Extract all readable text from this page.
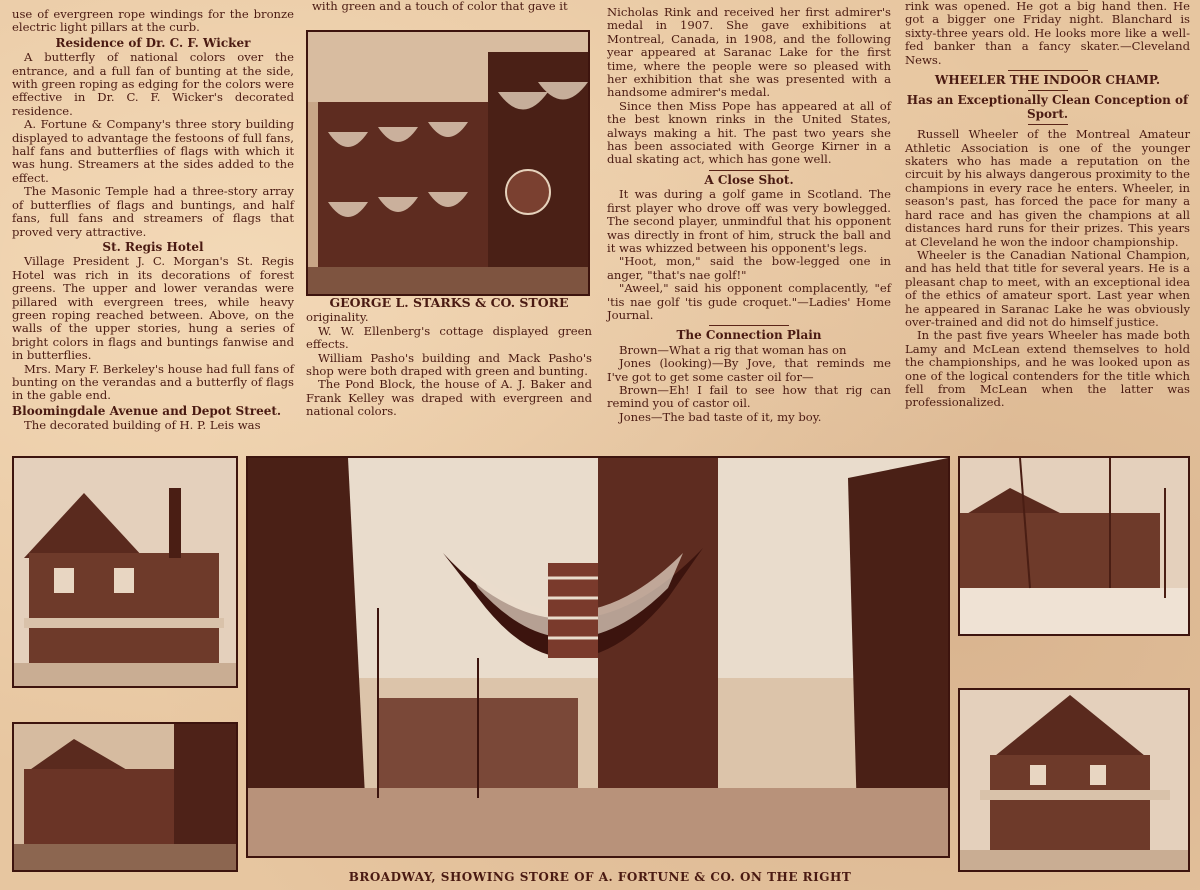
use of evergreen rope windings for the bronze electric light pillars at the curb.

Residence of Dr. C. F. Wicker

A butterfly of national colors over the entrance, and a full fan of bunting at the side, with green roping as edging for the colors were effective in Dr. C. F. Wicker's decorated residence.

A. Fortune & Company's three story building displayed to advantage the festoons of full fans, half fans and butterflies of flags with which it was hung. Streamers at the sides added to the effect.

The Masonic Temple had a three-story array of butterflies of flags and buntings, and half fans, full fans and streamers of flags that proved very attractive.

St. Regis Hotel

Village President J. C. Morgan's St. Regis Hotel was rich in its decorations of forest greens. The upper and lower verandas were pillared with evergreen trees, while heavy green roping reached between. Above, on the walls of the upper stories, hung a series of bright colors in flags and buntings fanwise and in butterflies.

Mrs. Mary F. Berkeley's house had full fans of bunting on the verandas and a butterfly of flags in the gable end.

Bloomingdale Avenue and Depot Street.

The decorated building of H. P. Leis was

with green and a touch of color that gave it
GEORGE L. STARKS & CO. STORE

originality.

W. W. Ellenberg's cottage displayed green effects.

William Pasho's building and Mack Pasho's shop were both draped with green and bunting.

The Pond Block, the house of A. J. Baker and Frank Kelley was draped with evergreen and national colors.

Nicholas Rink and received her first admirer's medal in 1907. She gave exhibitions at Montreal, Canada, in 1908, and the following year appeared at Saranac Lake for the first time, where the people were so pleased with her exhibition that she was presented with a handsome admirer's medal.

Since then Miss Pope has appeared at all of the best known rinks in the United States, always making a hit. The past two years she has been associated with George Kirner in a dual skating act, which has gone well.

A Close Shot.

It was during a golf game in Scotland. The first player who drove off was very bowlegged. The second player, unmindful that his opponent was directly in front of him, struck the ball and it was whizzed between his opponent's legs.

"Hoot, mon," said the bow-legged one in anger, "that's nae golf!"

"Aweel," said his opponent complacently, "ef 'tis nae golf 'tis gude croquet."—Ladies' Home Journal.

The Connection Plain

Brown—What a rig that woman has on

Jones (looking)—By Jove, that reminds me I've got to get some caster oil for—

Brown—Eh! I fail to see how that rig can remind you of castor oil.

Jones—The bad taste of it, my boy.

rink was opened. He got a big hand then. He got a bigger one Friday night. Blanchard is sixty-three years old. He looks more like a well-fed banker than a fancy skater.—Cleveland News.

WHEELER THE INDOOR CHAMP.
Has an Exceptionally Clean Conception of Sport.

Russell Wheeler of the Montreal Amateur Athletic Association is one of the younger skaters who has made a reputation on the circuit by his always dangerous proximity to the champions in every race he enters. Wheeler, in season's past, has forced the pace for many a hard race and has given the champions at all distances hard runs for their prizes. This years at Cleveland he won the indoor championship.

Wheeler is the Canadian National Champion, and has held that title for several years. He is a pleasant chap to meet, with an exceptional idea of the ethics of amateur sport. Last year when he appeared in Saranac Lake he was obviously over-trained and did not do himself justice.

In the past five years Wheeler has made both Lamy and McLean extend themselves to hold the championships, and he was looked upon as one of the logical contenders for the title which fell from McLean when the latter was professionalized.

BROADWAY, SHOWING STORE OF A. FORTUNE & CO. ON THE RIGHT
